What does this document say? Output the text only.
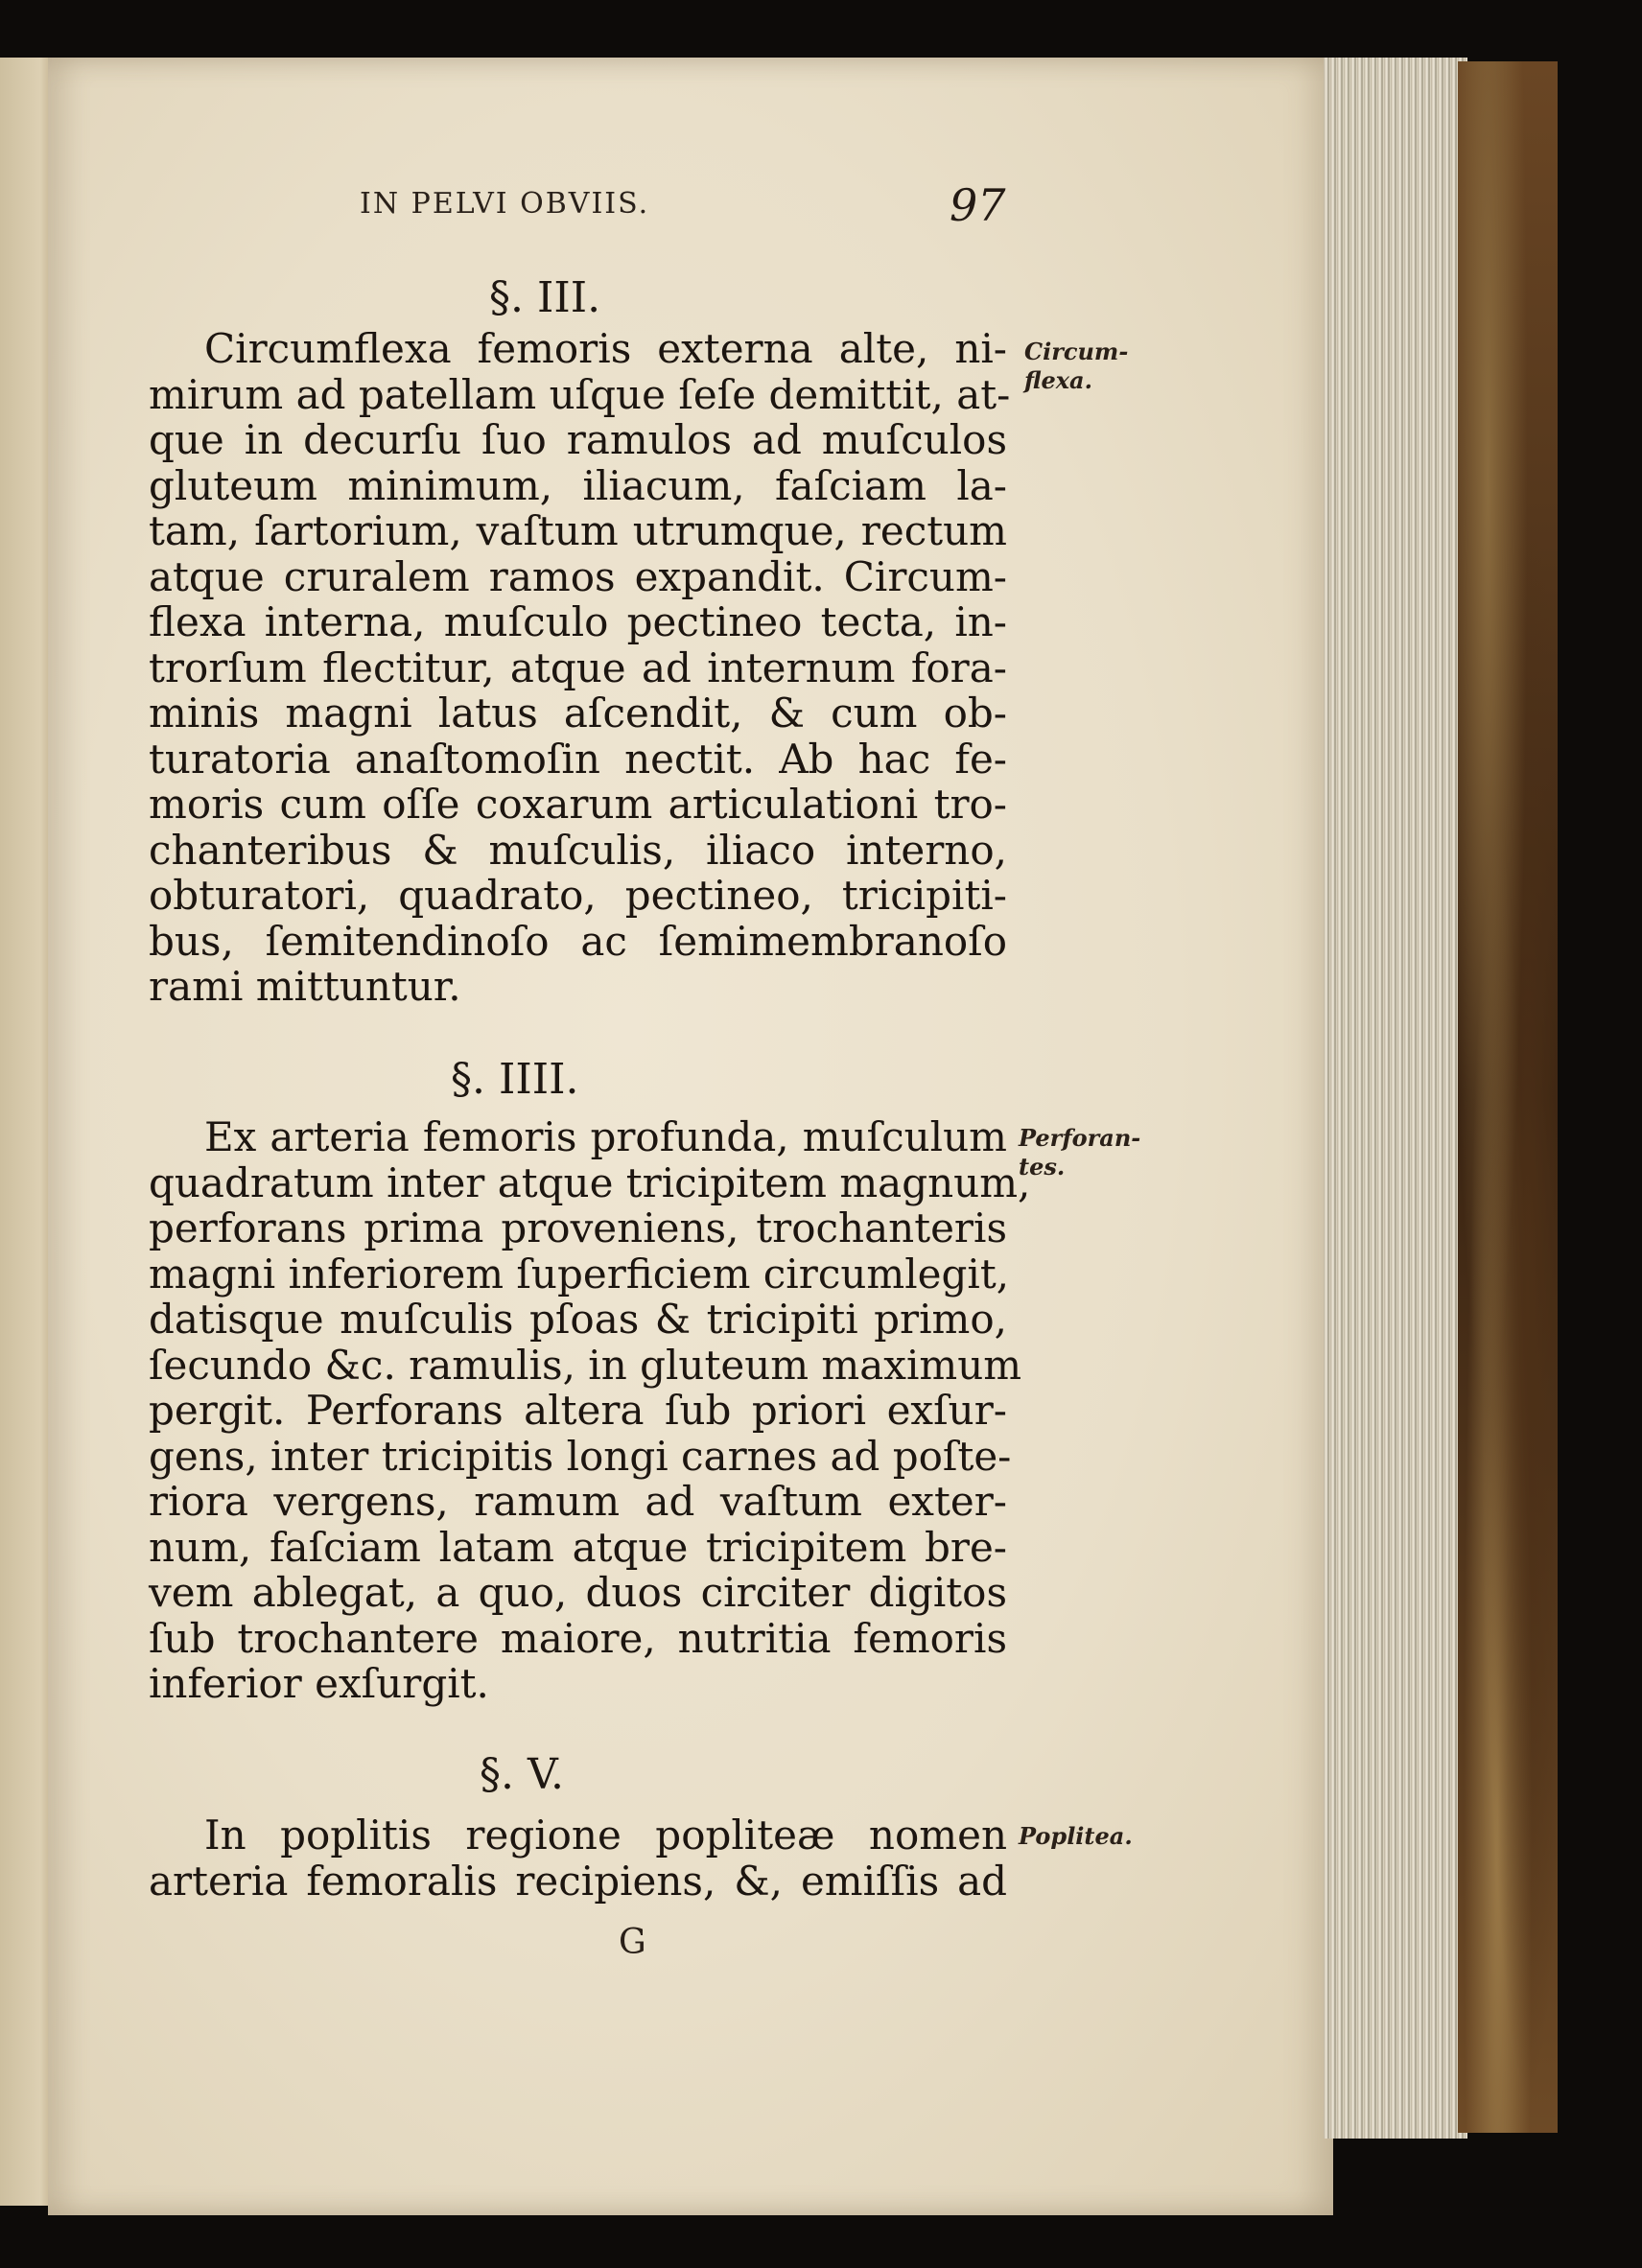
IN PELVI OBVIIS.	97
§. III.
Circumflexa femoris externa alte, ni-
mirum ad patellam uſque ſeſe demittit, at-
que in decurſu ſuo ramulos ad muſculos
gluteum minimum, iliacum, faſciam la-
tam, ſartorium, vaſtum utrumque, rectum
atque cruralem ramos expandit. Circum-
flexa interna, muſculo pectineo tecta, in-
trorſum flectitur, atque ad internum fora-
minis magni latus aſcendit, & cum ob-
turatoria anaſtomoſin nectit. Ab hac fe-
moris cum oſſe coxarum articulationi tro-
chanteribus & muſculis, iliaco interno,
obturatori, quadrato, pectineo, tricipiti-
bus, ſemitendinoſo ac ſemimembranoſo
rami mittuntur.
§. IIII.
Ex arteria femoris profunda, muſculum
quadratum inter atque tricipitem magnum,
perforans prima proveniens, trochanteris
magni inferiorem ſuperficiem circumlegit,
datisque muſculis pſoas & tricipiti primo,
ſecundo &c. ramulis, in gluteum maximum
pergit. Perforans altera ſub priori exſur-
gens, inter tricipitis longi carnes ad poſte-
riora vergens, ramum ad vaſtum exter-
num, faſciam latam atque tricipitem bre-
vem ablegat, a quo, duos circiter digitos
ſub trochantere maiore, nutritia femoris
inferior exſurgit.
§. V.
In poplitis regione popliteæ nomen
arteria femoralis recipiens, &, emiſſis ad
Circum-
flexa.
Perforan-
tes.
Poplitea.
G
